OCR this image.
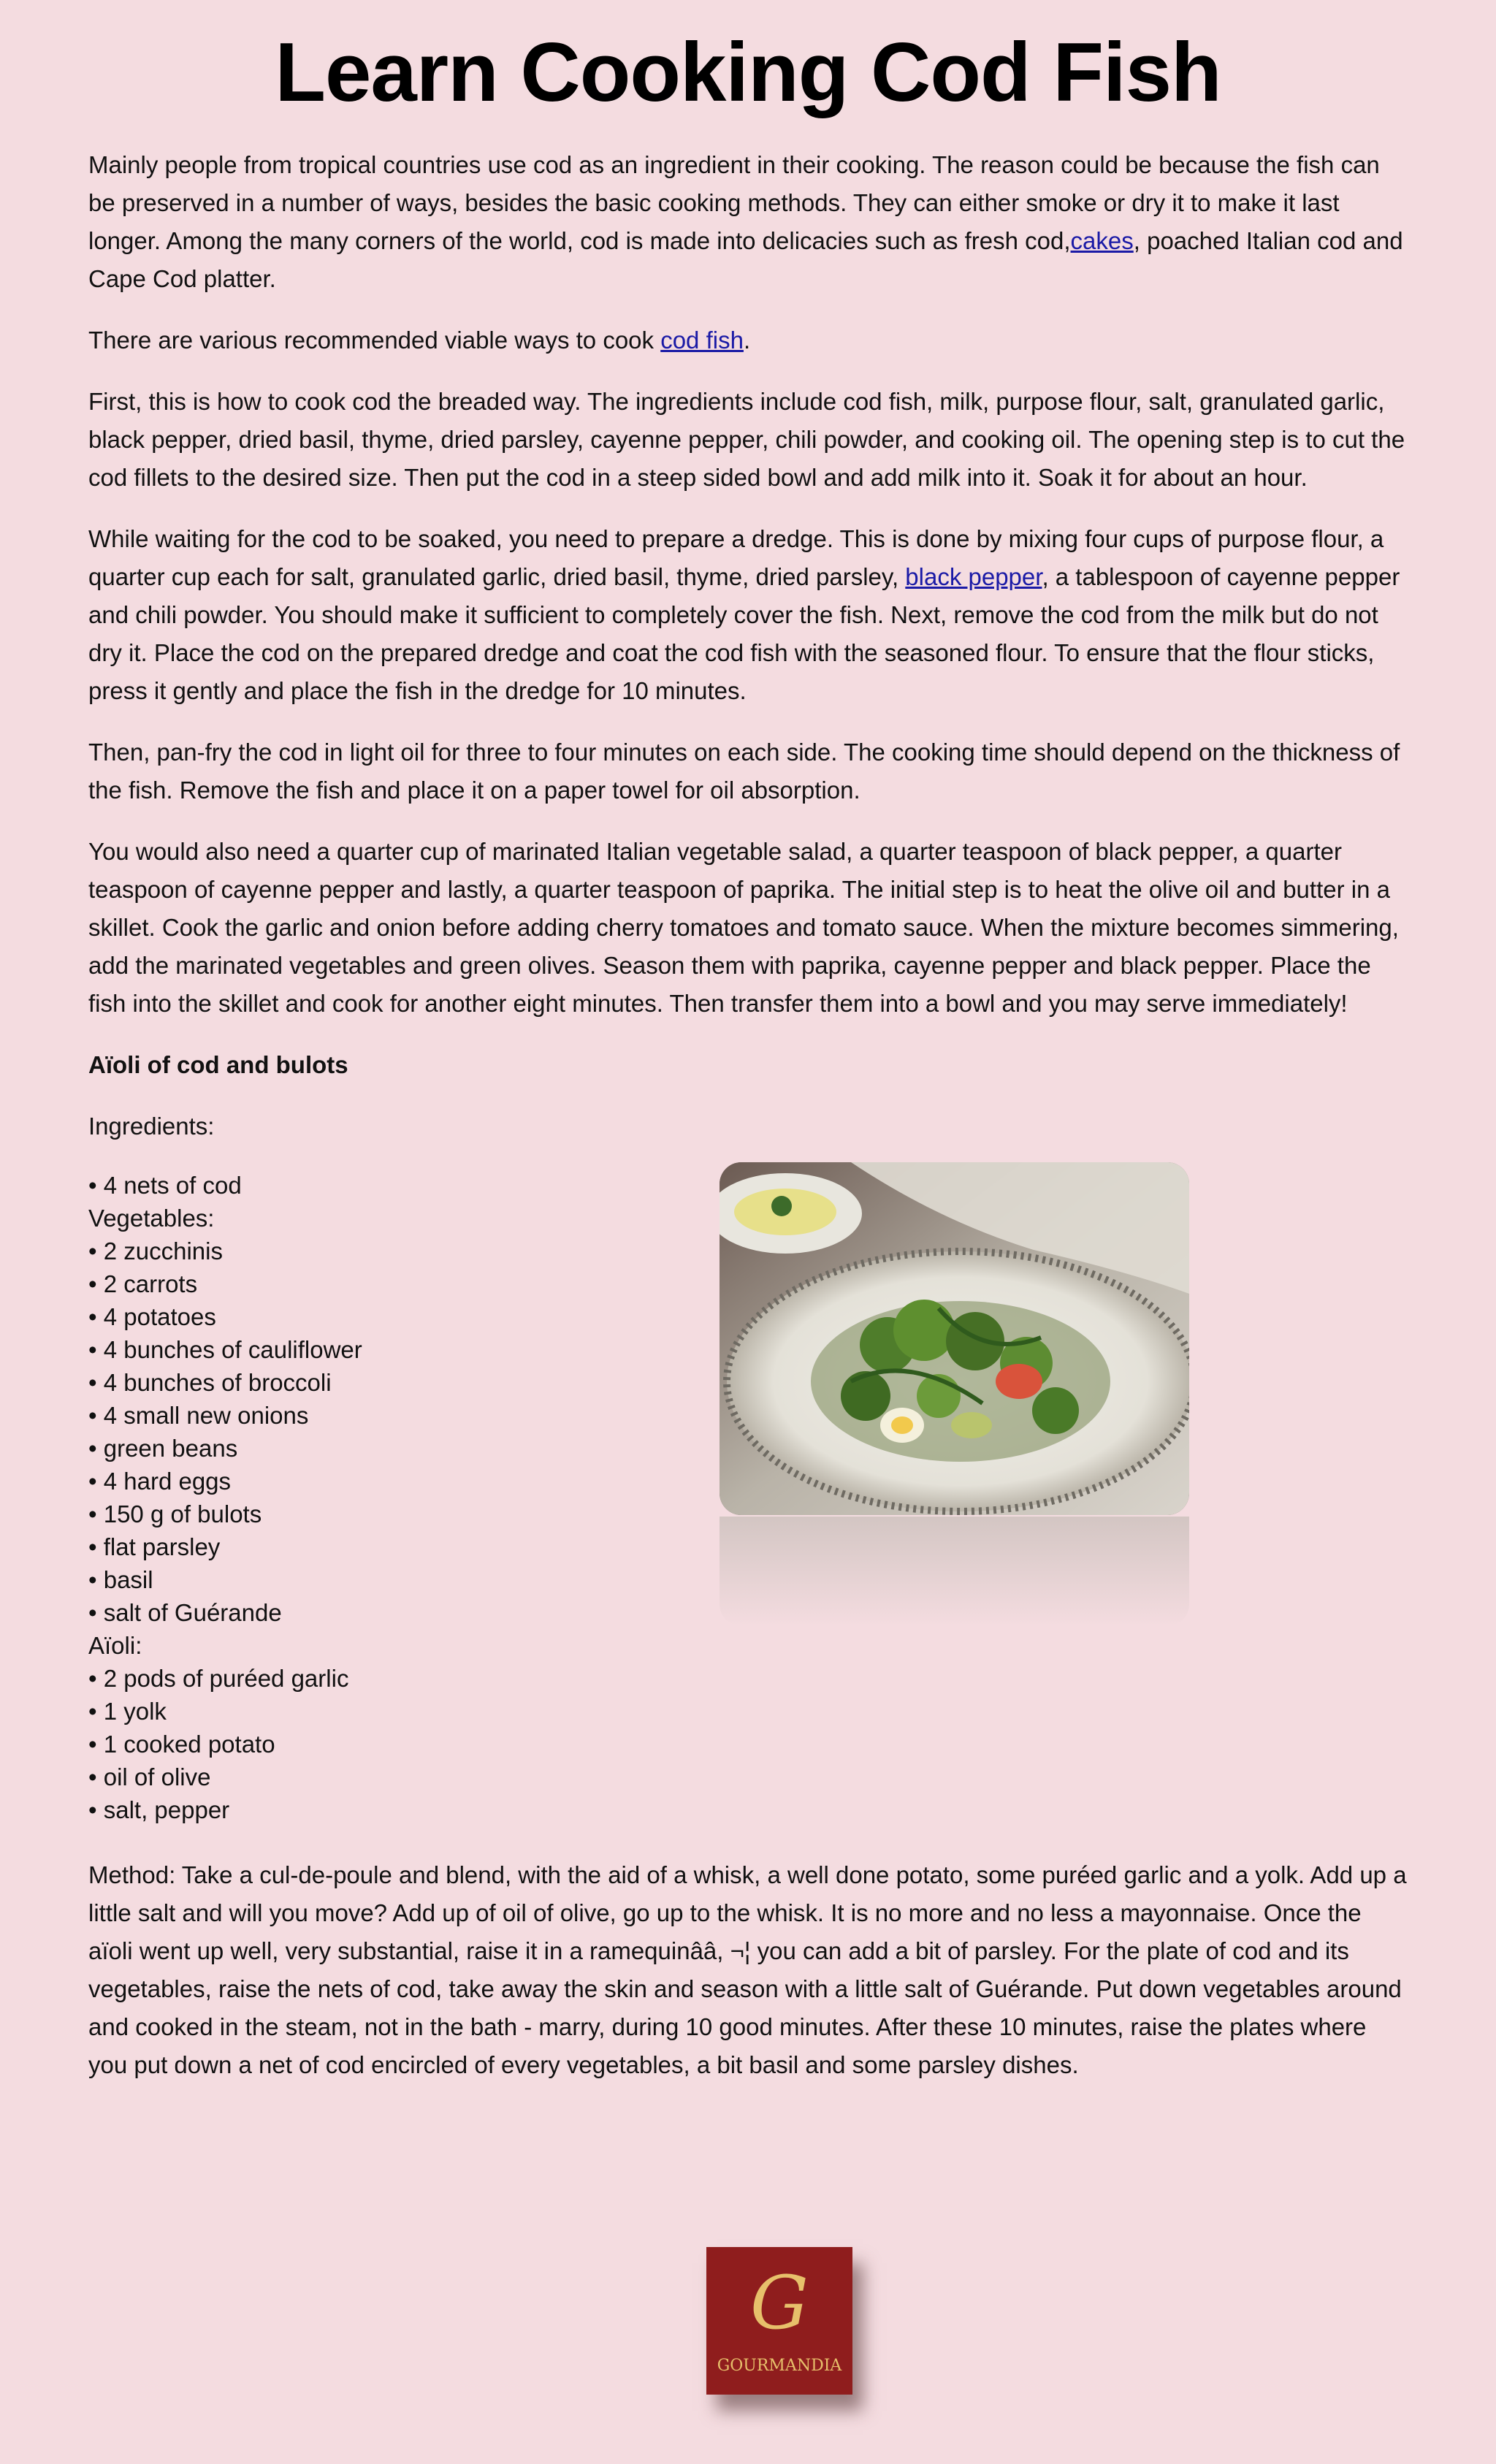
Learn Cooking Cod Fish

Mainly people from tropical countries use cod as an ingredient in their cooking. The reason could be because the fish can be preserved in a number of ways, besides the basic cooking methods. They can either smoke or dry it to make it last longer. Among the many corners of the world, cod is made into delicacies such as fresh cod,cakes, poached Italian cod and Cape Cod platter.

There are various recommended viable ways to cook cod fish.

First, this is how to cook cod the breaded way. The ingredients include cod fish, milk, purpose flour, salt, granulated garlic, black pepper, dried basil, thyme, dried parsley, cayenne pepper, chili powder, and cooking oil. The opening step is to cut the cod fillets to the desired size. Then put the cod in a steep sided bowl and add milk into it. Soak it for about an hour.

While waiting for the cod to be soaked, you need to prepare a dredge. This is done by mixing four cups of purpose flour, a quarter cup each for salt, granulated garlic, dried basil, thyme, dried parsley, black pepper, a tablespoon of cayenne pepper and chili powder. You should make it sufficient to completely cover the fish. Next, remove the cod from the milk but do not dry it. Place the cod on the prepared dredge and coat the cod fish with the seasoned flour. To ensure that the flour sticks, press it gently and place the fish in the dredge for 10 minutes.

Then, pan-fry the cod in light oil for three to four minutes on each side. The cooking time should depend on the thickness of the fish. Remove the fish and place it on a paper towel for oil absorption.

You would also need a quarter cup of marinated Italian vegetable salad, a quarter teaspoon of black pepper, a quarter teaspoon of cayenne pepper and lastly, a quarter teaspoon of paprika. The initial step is to heat the olive oil and butter in a skillet. Cook the garlic and onion before adding cherry tomatoes and tomato sauce. When the mixture becomes simmering, add the marinated vegetables and green olives. Season them with paprika, cayenne pepper and black pepper. Place the fish into the skillet and cook for another eight minutes. Then transfer them into a bowl and you may serve immediately!

Aïoli of cod and bulots

Ingredients:

• 4 nets of cod
Vegetables:
• 2 zucchinis
• 2 carrots
• 4 potatoes
• 4 bunches of cauliflower
• 4 bunches of broccoli
• 4 small new onions
• green beans
• 4 hard eggs
• 150 g of bulots
• flat parsley
• basil
• salt of Guérande
Aïoli:
• 2 pods of puréed garlic
• 1 yolk
• 1 cooked potato
• oil of olive
• salt, pepper

Method: Take a cul-de-poule and blend, with the aid of a whisk, a well done potato, some puréed garlic and a yolk. Add up a little salt and will you move? Add up of oil of olive, go up to the whisk. It is no more and no less a mayonnaise. Once the aïoli went up well, very substantial, raise it in a ramequinââ, ¬¦ you can add a bit of parsley. For the plate of cod and its vegetables, raise the nets of cod, take away the skin and season with a little salt of Guérande. Put down vegetables around and cooked in the steam, not in the bath - marry, during 10 good minutes. After these 10 minutes, raise the plates where you put down a net of cod encircled of every vegetables, a bit basil and some parsley dishes.

G
GOURMANDIA
